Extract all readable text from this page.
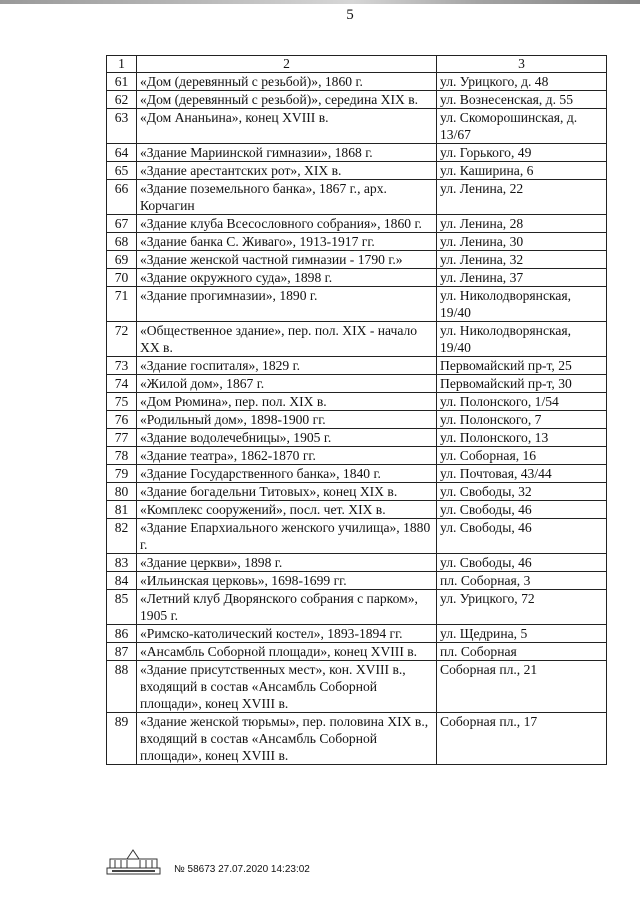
5
1	2	3
61	«Дом (деревянный с резьбой)», 1860 г.	ул. Урицкого, д. 48
62	«Дом (деревянный с резьбой)», середина XIX в.	ул. Вознесенская, д. 55
63	«Дом Ананьина», конец XVIII в.	ул. Скоморошинская, д. 13/67
64	«Здание Мариинской гимназии», 1868 г.	ул. Горького, 49
65	«Здание арестантских рот», XIX в.	ул. Каширина, 6
66	«Здание поземельного банка», 1867 г., арх. Корчагин	ул. Ленина, 22
67	«Здание клуба Всесословного собрания», 1860 г.	ул. Ленина, 28
68	«Здание банка С. Живаго», 1913-1917 гг.	ул. Ленина, 30
69	«Здание женской частной гимназии - 1790 г.»	ул. Ленина, 32
70	«Здание окружного суда», 1898 г.	ул. Ленина, 37
71	«Здание прогимназии», 1890 г.	ул. Николодворянская, 19/40
72	«Общественное здание», пер. пол. XIX - начало XX в.	ул. Николодворянская, 19/40
73	«Здание госпиталя», 1829 г.	Первомайский пр-т, 25
74	«Жилой дом», 1867 г.	Первомайский пр-т, 30
75	«Дом Рюмина», пер. пол. XIX в.	ул. Полонского, 1/54
76	«Родильный дом», 1898-1900 гг.	ул. Полонского, 7
77	«Здание водолечебницы», 1905 г.	ул. Полонского, 13
78	«Здание театра», 1862-1870 гг.	ул. Соборная, 16
79	«Здание Государственного банка», 1840 г.	ул. Почтовая, 43/44
80	«Здание богадельни Титовых», конец XIX в.	ул. Свободы, 32
81	«Комплекс сооружений», посл. чет. XIX в.	ул. Свободы, 46
82	«Здание Епархиального женского училища», 1880 г.	ул. Свободы, 46
83	«Здание церкви», 1898 г.	ул. Свободы, 46
84	«Ильинская церковь», 1698-1699 гг.	пл. Соборная, 3
85	«Летний клуб Дворянского собрания с парком», 1905 г.	ул. Урицкого, 72
86	«Римско-католический костел», 1893-1894 гг.	ул. Щедрина, 5
87	«Ансамбль Соборной площади», конец XVIII в.	пл. Соборная
88	«Здание присутственных мест», кон. XVIII в., входящий в состав «Ансамбль Соборной площади», конец XVIII в.	Соборная пл., 21
89	«Здание женской тюрьмы», пер. половина XIX в., входящий в состав «Ансамбль Соборной площади», конец XVIII в.	Соборная пл., 17
№ 58673 27.07.2020 14:23:02
